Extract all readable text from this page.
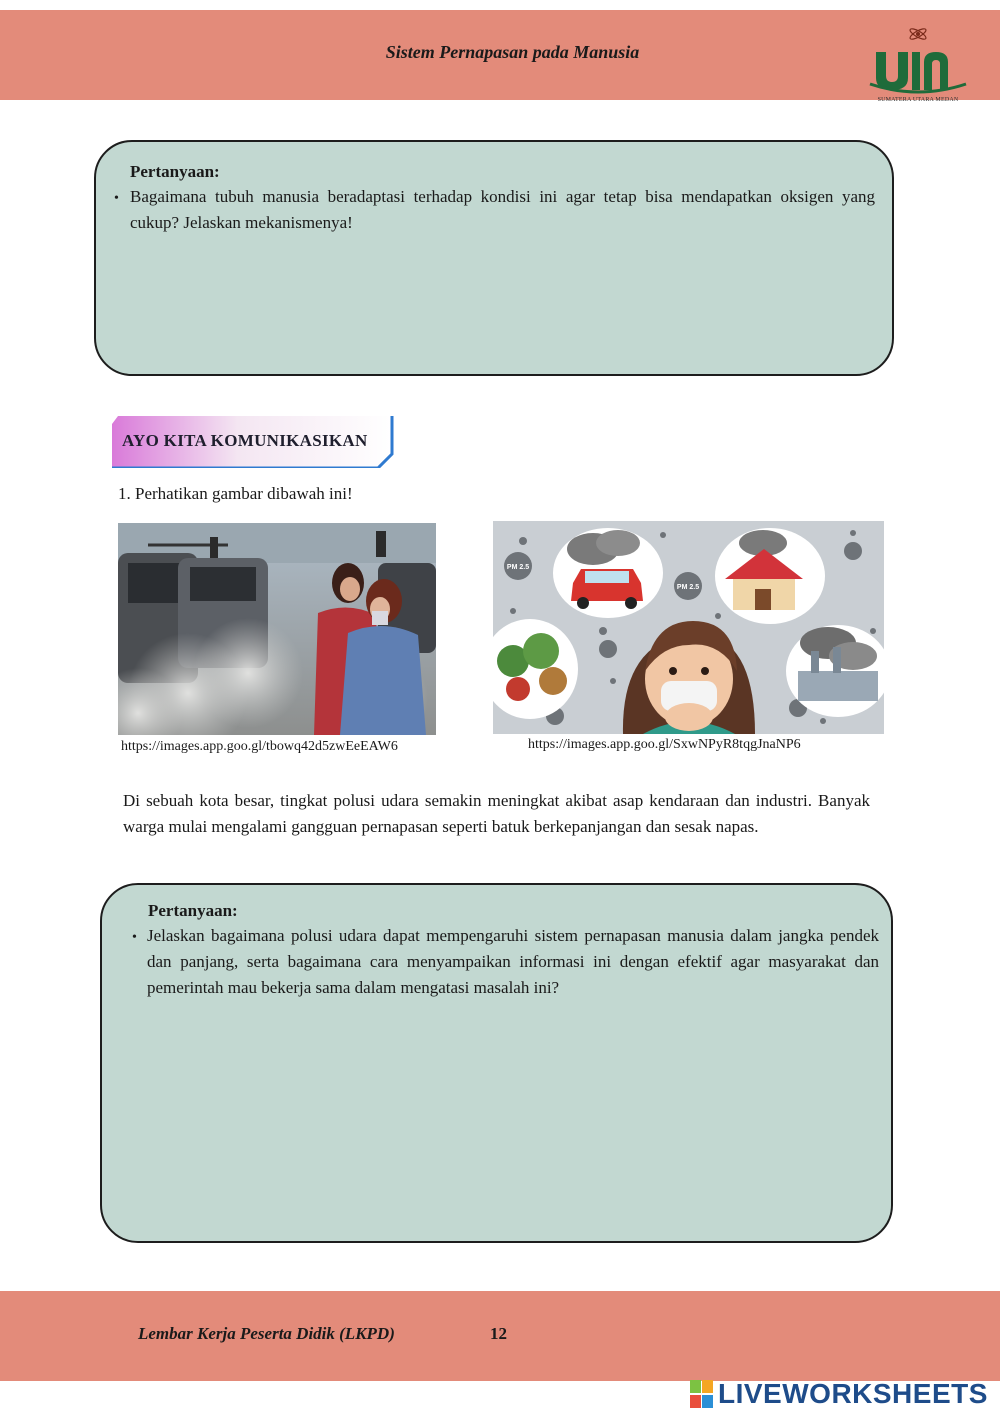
Sistem Pernapasan pada Manusia
SUMATERA UTARA MEDAN
Pertanyaan:
• Bagaimana tubuh manusia beradaptasi terhadap kondisi ini agar tetap bisa mendapatkan oksigen yang cukup? Jelaskan mekanismenya!
AYO KITA KOMUNIKASIKAN
1. Perhatikan gambar dibawah ini!
https://images.app.goo.gl/tbowq42d5zwEeEAW6
PM 2.5
PM 2.5
https://images.app.goo.gl/SxwNPyR8tqgJnaNP6
Di sebuah kota besar, tingkat polusi udara semakin meningkat akibat asap kendaraan dan industri. Banyak warga mulai mengalami gangguan pernapasan seperti batuk berkepanjangan dan sesak napas.
Pertanyaan:
• Jelaskan bagaimana polusi udara dapat mempengaruhi sistem pernapasan manusia dalam jangka pendek dan panjang, serta bagaimana cara menyampaikan informasi ini dengan efektif agar masyarakat dan pemerintah mau bekerja sama dalam mengatasi masalah ini?
Lembar Kerja Peserta Didik (LKPD)	12
LIVEWORKSHEETS
